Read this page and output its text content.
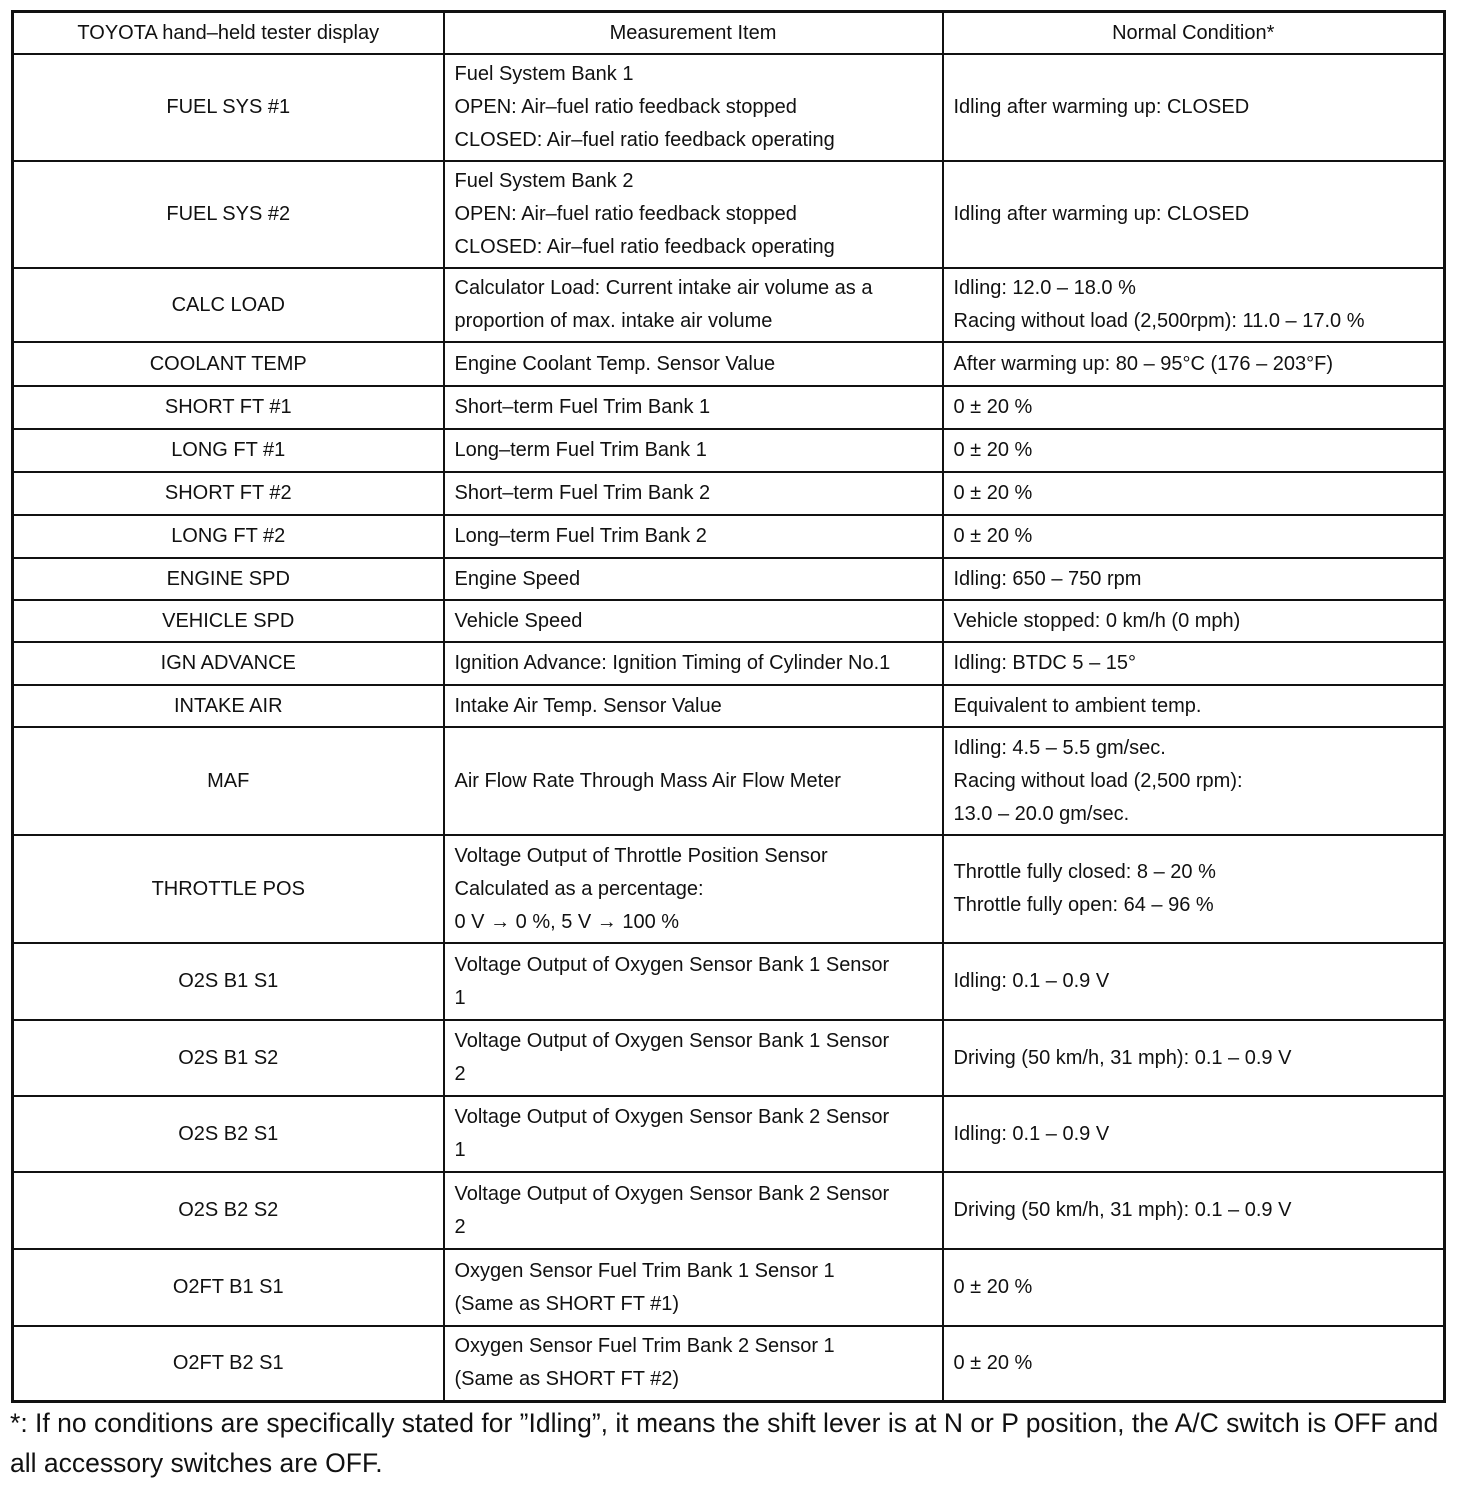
TOYOTA hand–held tester display	Measurement Item	Normal Condition*
FUEL SYS #1	Fuel System Bank 1
OPEN: Air–fuel ratio feedback stopped
CLOSED: Air–fuel ratio feedback operating	Idling after warming up: CLOSED

FUEL SYS #2	Fuel System Bank 2
OPEN: Air–fuel ratio feedback stopped
CLOSED: Air–fuel ratio feedback operating	Idling after warming up: CLOSED

CALC LOAD	Calculator Load: Current intake air volume as a
proportion of max. intake air volume	Idling: 12.0 – 18.0 %
Racing without load (2,500rpm): 11.0 – 17.0 %

COOLANT TEMP	Engine Coolant Temp. Sensor Value	After warming up: 80 – 95°C (176 – 203°F)

SHORT FT #1	Short–term Fuel Trim Bank 1	0 ± 20 %

LONG FT #1	Long–term Fuel Trim Bank 1	0 ± 20 %

SHORT FT #2	Short–term Fuel Trim Bank 2	0 ± 20 %

LONG FT #2	Long–term Fuel Trim Bank 2	0 ± 20 %

ENGINE SPD	Engine Speed	Idling: 650 – 750 rpm

VEHICLE SPD	Vehicle Speed	Vehicle stopped: 0 km/h (0 mph)

IGN ADVANCE	Ignition Advance: Ignition Timing of Cylinder No.1	Idling: BTDC 5 – 15°

INTAKE AIR	Intake Air Temp. Sensor Value	Equivalent to ambient temp.

MAF	Air Flow Rate Through Mass Air Flow Meter	Idling: 4.5 – 5.5 gm/sec.
Racing without load (2,500 rpm):
13.0 – 20.0 gm/sec.

THROTTLE POS	Voltage Output of Throttle Position Sensor
Calculated as a percentage:
0 V → 0 %, 5 V → 100 %	Throttle fully closed: 8 – 20 %
Throttle fully open: 64 – 96 %

O2S B1 S1	Voltage Output of Oxygen Sensor Bank 1 Sensor
1	Idling: 0.1 – 0.9 V

O2S B1 S2	Voltage Output of Oxygen Sensor Bank 1 Sensor
2	Driving (50 km/h, 31 mph): 0.1 – 0.9 V

O2S B2 S1	Voltage Output of Oxygen Sensor Bank 2 Sensor
1	Idling: 0.1 – 0.9 V

O2S B2 S2	Voltage Output of Oxygen Sensor Bank 2 Sensor
2	Driving (50 km/h, 31 mph): 0.1 – 0.9 V

O2FT B1 S1	Oxygen Sensor Fuel Trim Bank 1 Sensor 1
(Same as SHORT FT #1)	0 ± 20 %

O2FT B2 S1	Oxygen Sensor Fuel Trim Bank 2 Sensor 1
(Same as SHORT FT #2)	0 ± 20 %
*: If no conditions are specifically stated for ”Idling”, it means the shift lever is at N or P position, the A/C switch is OFF and all accessory switches are OFF.
